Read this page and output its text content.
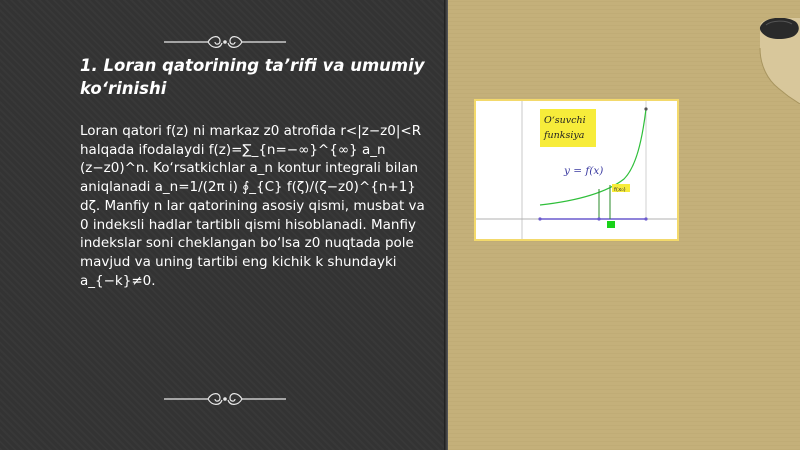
1. Loran qatorining ta’rifi va umumiy ko‘rinishi
Loran qatori f(z) ni markaz z0 atrofida r<|z−z0|<R halqada ifodalaydi f(z)=∑_{n=−∞}^{∞} a_n (z−z0)^n. Ko‘rsatkichlar a_n kontur integrali bilan aniqlanadi a_n=1/(2π i) ∮_{C} f(ζ)/(ζ−z0)^{n+1} dζ. Manfiy n lar qatorining asosiy qismi, musbat va 0 indeksli hadlar tartibli qismi hisoblanadi. Manfiy indekslar soni cheklangan bo‘lsa z0 nuqtada pole mavjud va uning tartibi eng kichik k shundayki a_{−k}≠0.
O‘suvchi
funksiya
y = f(x)
f(x₀)
